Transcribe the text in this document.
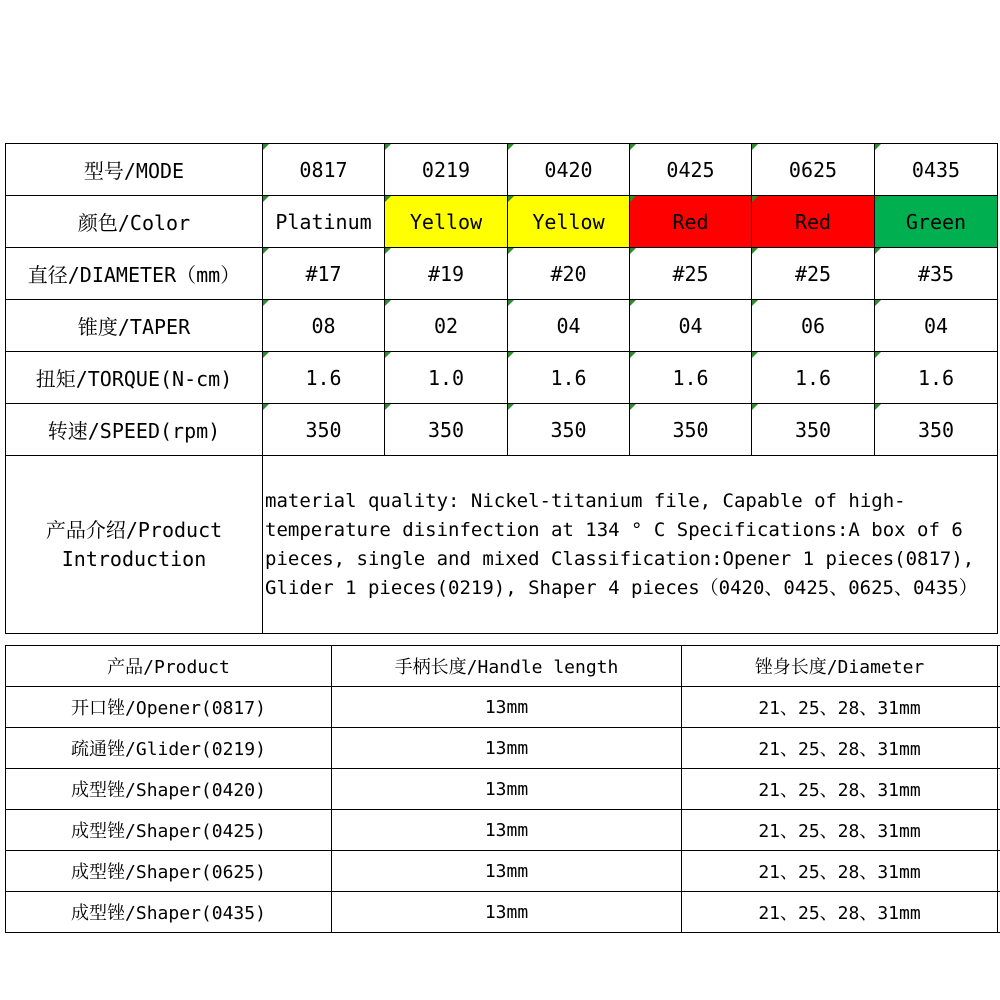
型号/MODE	0817	0219	0420	0425	0625	0435
颜色/Color	Platinum	Yellow	Yellow	Red	Red	Green
直径/DIAMETER（mm）	#17	#19	#20	#25	#25	#35
锥度/TAPER	08	02	04	04	06	04
扭矩/TORQUE(N-cm)	1.6	1.0	1.6	1.6	1.6	1.6
转速/SPEED(rpm)	350	350	350	350	350	350
产品介绍/Product Introduction	material quality: Nickel-titanium file, Capable of high-temperature disinfection at 134 ° C Specifications:A box of 6 pieces, single and mixed Classification:Opener 1 pieces(0817), Glider 1 pieces(0219), Shaper 4 pieces（0420、0425、0625、0435）					
产品/Product	手柄长度/Handle length	锉身长度/Diameter	
开口锉/Opener(0817)	13mm	21、25、28、31mm	
疏通锉/Glider(0219)	13mm	21、25、28、31mm	
成型锉/Shaper(0420)	13mm	21、25、28、31mm	
成型锉/Shaper(0425)	13mm	21、25、28、31mm	
成型锉/Shaper(0625)	13mm	21、25、28、31mm	
成型锉/Shaper(0435)	13mm	21、25、28、31mm	
